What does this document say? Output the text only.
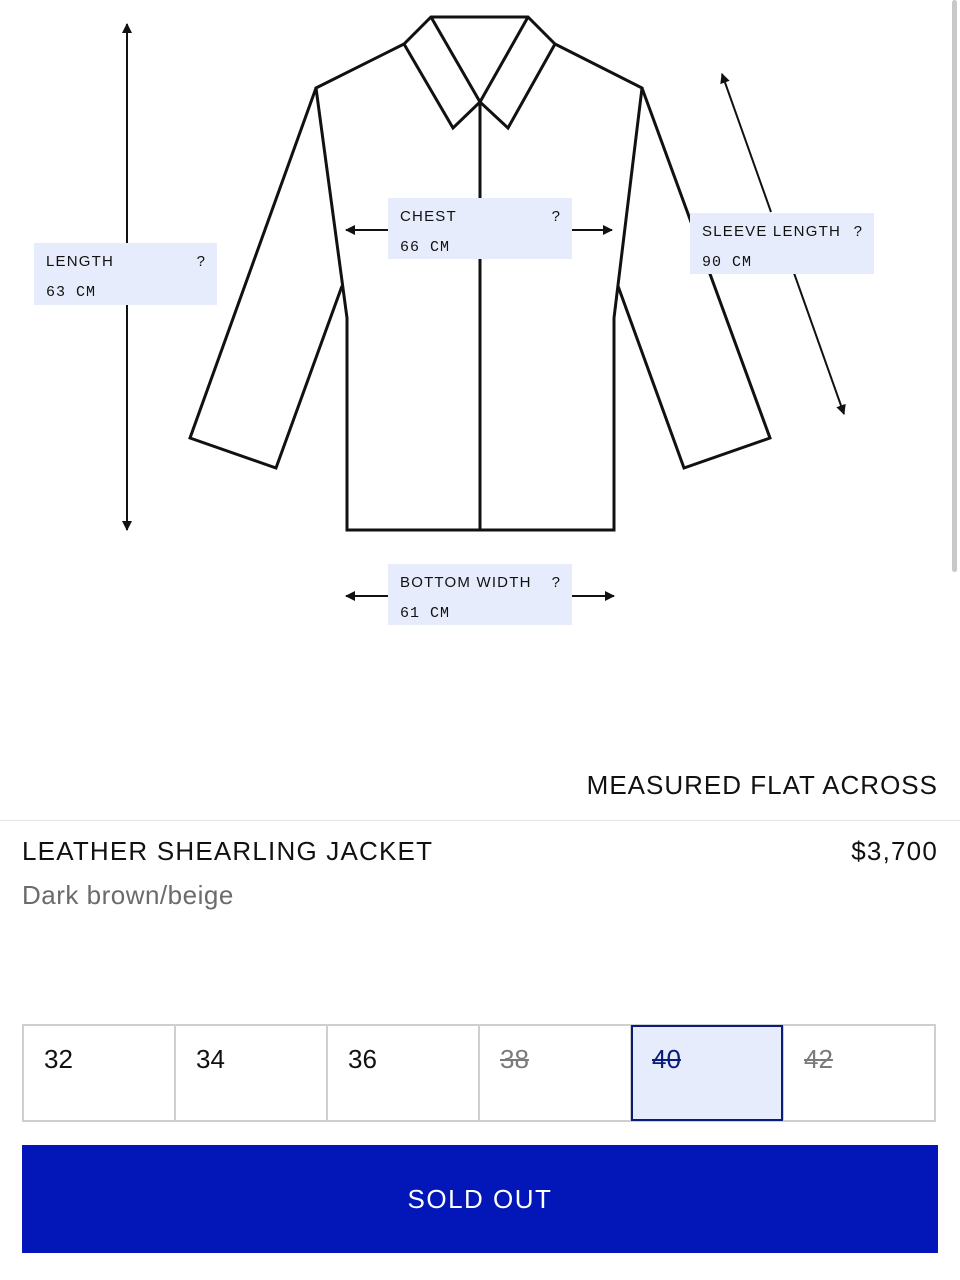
LENGTH	?
63 CM
CHEST	?
66 CM
SLEEVE LENGTH ?
90 CM
BOTTOM WIDTH	?
61 CM
MEASURED FLAT ACROSS
LEATHER SHEARLING JACKET	$3,700
Dark brown/beige
32	34	36	38	40	42
SOLD OUT
